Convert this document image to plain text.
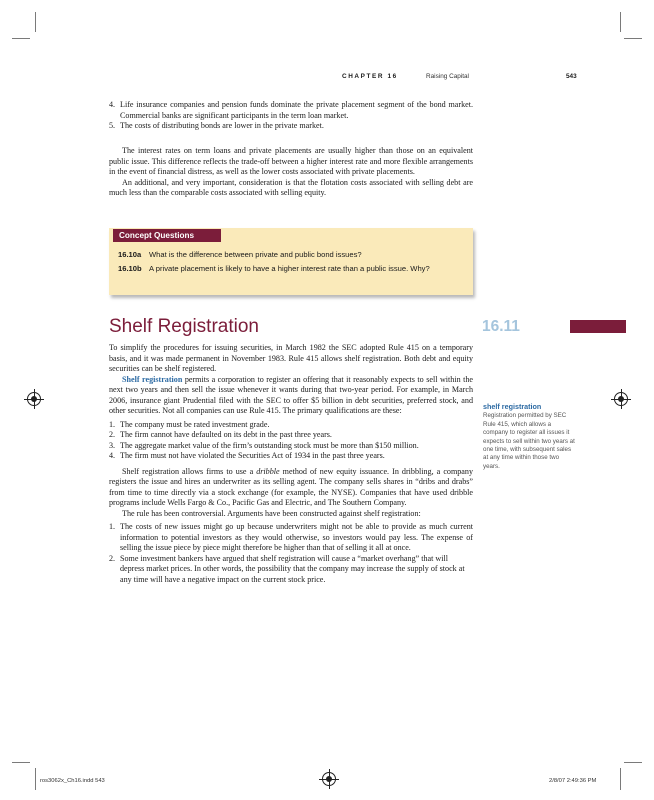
CHAPTER 16	Raising Capital	543
4. Life insurance companies and pension funds dominate the private placement segment of the bond market. Commercial banks are significant participants in the term loan market.
5. The costs of distributing bonds are lower in the private market.

The interest rates on term loans and private placements are usually higher than those on an equivalent public issue. This difference reflects the trade-off between a higher interest rate and more flexible arrangements in the event of financial distress, as well as the lower costs associated with private placements.

An additional, and very important, consideration is that the flotation costs associated with selling debt are much less than the comparable costs associated with selling equity.

Concept Questions
16.10a	What is the difference between private and public bond issues?
16.10b A private placement is likely to have a higher interest rate than a public issue. Why?
Shelf Registration	16.11

To simplify the procedures for issuing securities, in March 1982 the SEC adopted Rule 415 on a temporary basis, and it was made permanent in November 1983. Rule 415 allows shelf registration. Both debt and equity securities can be shelf registered.

Shelf registration permits a corporation to register an offering that it reasonably expects to sell within the next two years and then sell the issue whenever it wants during that two-year period. For example, in March 2006, insurance giant Prudential filed with the SEC to offer $5 billion in debt securities, preferred stock, and other securities. Not all companies can use Rule 415. The primary qualifications are these:

1. The company must be rated investment grade.
2. The firm cannot have defaulted on its debt in the past three years.
3. The aggregate market value of the firm’s outstanding stock must be more than $150 million.
4. The firm must not have violated the Securities Act of 1934 in the past three years.

Shelf registration allows firms to use a dribble method of new equity issuance. In dribbling, a company registers the issue and hires an underwriter as its selling agent. The company sells shares in “dribs and drabs” from time to time directly via a stock exchange (for example, the NYSE). Companies that have used dribble programs include Wells Fargo & Co., Pacific Gas and Electric, and The Southern Company.

The rule has been controversial. Arguments have been constructed against shelf registration:

1. The costs of new issues might go up because underwriters might not be able to provide as much current information to potential investors as they would otherwise, so investors would pay less. The expense of selling the issue piece by piece might therefore be higher than that of selling it all at once.
2. Some investment bankers have argued that shelf registration will cause a “market overhang” that will depress market prices. In other words, the possibility that the company may increase the supply of stock at any time will have a negative impact on the current stock price.
shelf registration
Registration permitted by SEC Rule 415, which allows a company to register all issues it expects to sell within two years at one time, with subsequent sales at any time within those two years.
ros3062x_Ch16.indd 543	2/8/07 2:49:36 PM
